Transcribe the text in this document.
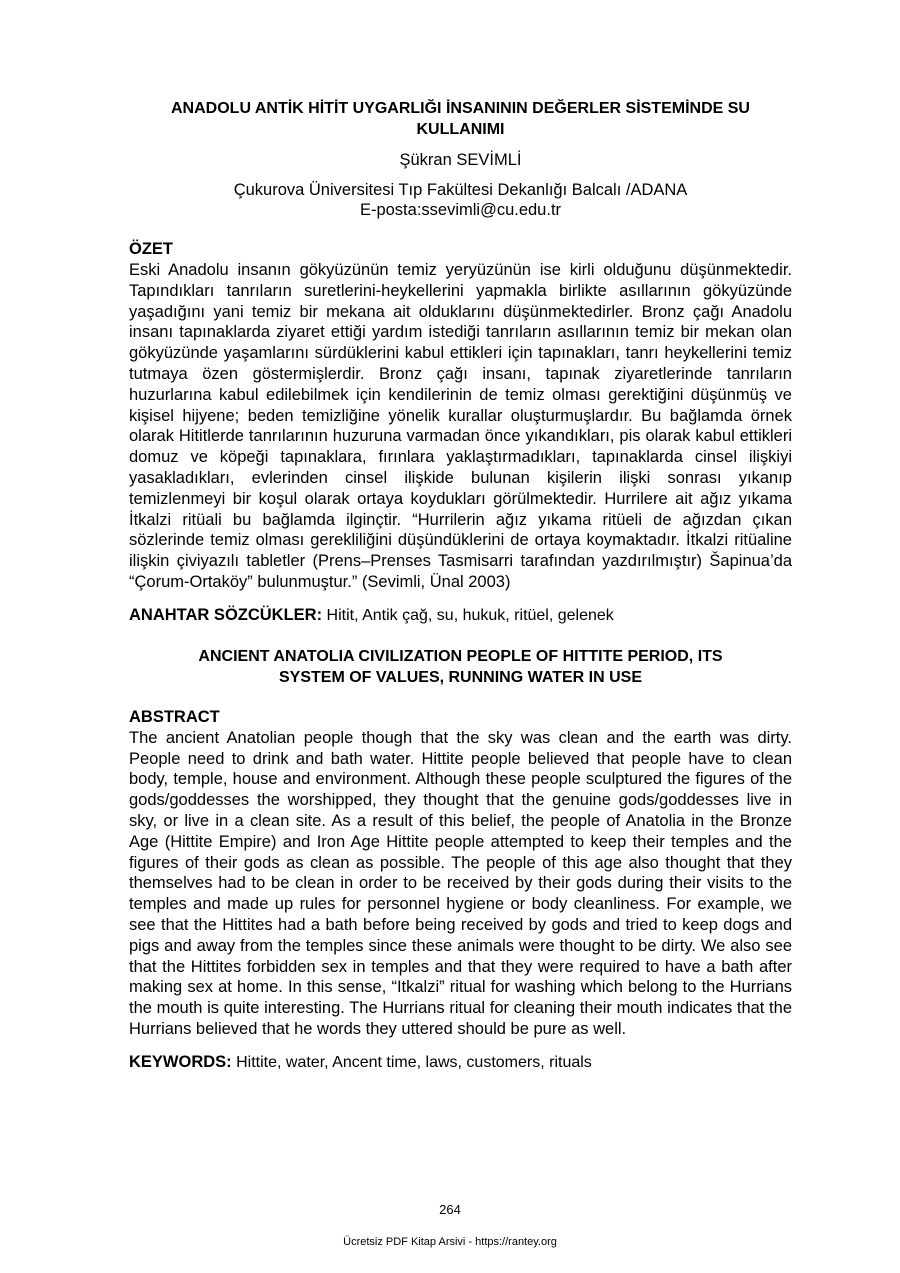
ANADOLU ANTİK HİTİT UYGARLIĞI İNSANININ DEĞERLER SİSTEMİNDE SU
KULLANIMI

Şükran SEVİMLİ

Çukurova Üniversitesi Tıp Fakültesi Dekanlığı Balcalı /ADANA
E-posta:ssevimli@cu.edu.tr

ÖZET

Eski Anadolu insanın gökyüzünün temiz yeryüzünün ise kirli olduğunu düşünmektedir. Tapındıkları tanrıların suretlerini-heykellerini yapmakla birlikte asıllarının gökyüzünde yaşadığını yani temiz bir mekana ait olduklarını düşünmektedirler. Bronz çağı Anadolu insanı tapınaklarda ziyaret ettiği yardım istediği tanrıların asıllarının temiz bir mekan olan gökyüzünde yaşamlarını sürdüklerini kabul ettikleri için tapınakları, tanrı heykellerini temiz tutmaya özen göstermişlerdir. Bronz çağı insanı, tapınak ziyaretlerinde tanrıların huzurlarına kabul edilebilmek için kendilerinin de temiz olması gerektiğini düşünmüş ve kişisel hijyene; beden temizliğine yönelik kurallar oluşturmuşlardır. Bu bağlamda örnek olarak Hititlerde tanrılarının huzuruna varmadan önce yıkandıkları, pis olarak kabul ettikleri domuz ve köpeği tapınaklara, fırınlara yaklaştırmadıkları, tapınaklarda cinsel ilişkiyi yasakladıkları, evlerinden cinsel ilişkide bulunan kişilerin ilişki sonrası yıkanıp temizlenmeyi bir koşul olarak ortaya koydukları görülmektedir. Hurrilere ait ağız yıkama İtkalzi ritüali bu bağlamda ilginçtir. “Hurrilerin ağız yıkama ritüeli de ağızdan çıkan sözlerinde temiz olması gerekliliğini düşündüklerini de ortaya koymaktadır. İtkalzi ritüaline ilişkin çiviyazılı tabletler (Prens–Prenses Tasmisarri tarafından yazdırılmıştır) Šapinua’da “Çorum-Ortaköy” bulunmuştur.” (Sevimli, Ünal 2003)

ANAHTAR SÖZCÜKLER: Hitit, Antik çağ, su, hukuk, ritüel, gelenek

ANCIENT ANATOLIA CIVILIZATION PEOPLE OF HITTITE PERIOD, ITS
SYSTEM OF VALUES, RUNNING WATER IN USE

ABSTRACT

The ancient Anatolian people though that the sky was clean and the earth was dirty. People need to drink and bath water. Hittite people believed that people have to clean body, temple, house and environment. Although these people sculptured the figures of the gods/goddesses the worshipped, they thought that the genuine gods/goddesses live in sky, or live in a clean site. As a result of this belief, the people of Anatolia in the Bronze Age (Hittite Empire) and Iron Age Hittite people attempted to keep their temples and the figures of their gods as clean as possible. The people of this age also thought that they themselves had to be clean in order to be received by their gods during their visits to the temples and made up rules for personnel hygiene or body cleanliness. For example, we see that the Hittites had a bath before being received by gods and tried to keep dogs and pigs and away from the temples since these animals were thought to be dirty. We also see that the Hittites forbidden sex in temples and that they were required to have a bath after making sex at home. In this sense, “Itkalzi” ritual for washing which belong to the Hurrians the mouth is quite interesting. The Hurrians ritual for cleaning their mouth indicates that the Hurrians believed that he words they uttered should be pure as well.

KEYWORDS: Hittite, water, Ancent time, laws, customers, rituals

264
Ücretsiz PDF Kitap Arsivi - https://rantey.org
